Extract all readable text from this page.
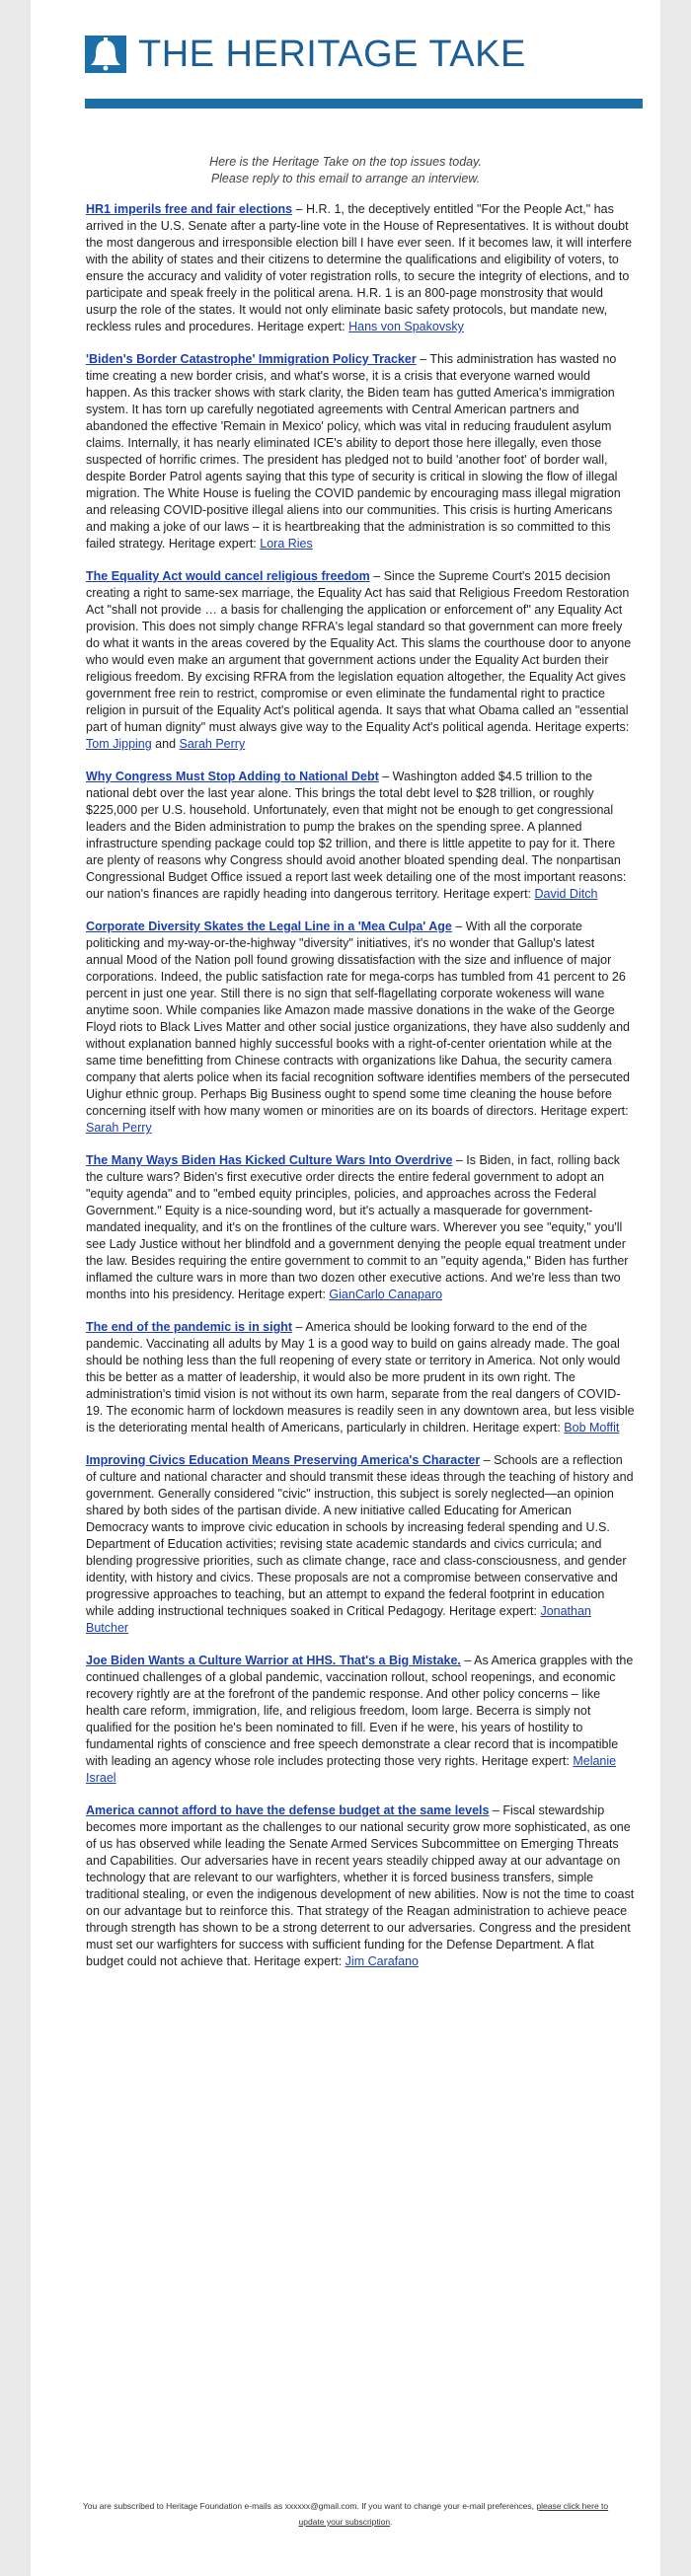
THE HERITAGE TAKE
Here is the Heritage Take on the top issues today.
Please reply to this email to arrange an interview.

HR1 imperils free and fair elections – H.R. 1, the deceptively entitled "For the People Act," has arrived in the U.S. Senate after a party-line vote in the House of Representatives. It is without doubt the most dangerous and irresponsible election bill I have ever seen. If it becomes law, it will interfere with the ability of states and their citizens to determine the qualifications and eligibility of voters, to ensure the accuracy and validity of voter registration rolls, to secure the integrity of elections, and to participate and speak freely in the political arena. H.R. 1 is an 800-page monstrosity that would usurp the role of the states. It would not only eliminate basic safety protocols, but mandate new, reckless rules and procedures. Heritage expert: Hans von Spakovsky

'Biden's Border Catastrophe' Immigration Policy Tracker – This administration has wasted no time creating a new border crisis, and what's worse, it is a crisis that everyone warned would happen. As this tracker shows with stark clarity, the Biden team has gutted America's immigration system. It has torn up carefully negotiated agreements with Central American partners and abandoned the effective 'Remain in Mexico' policy, which was vital in reducing fraudulent asylum claims. Internally, it has nearly eliminated ICE's ability to deport those here illegally, even those suspected of horrific crimes. The president has pledged not to build 'another foot' of border wall, despite Border Patrol agents saying that this type of security is critical in slowing the flow of illegal migration. The White House is fueling the COVID pandemic by encouraging mass illegal migration and releasing COVID-positive illegal aliens into our communities. This crisis is hurting Americans and making a joke of our laws – it is heartbreaking that the administration is so committed to this failed strategy. Heritage expert: Lora Ries

The Equality Act would cancel religious freedom – Since the Supreme Court's 2015 decision creating a right to same-sex marriage, the Equality Act has said that Religious Freedom Restoration Act "shall not provide … a basis for challenging the application or enforcement of" any Equality Act provision. This does not simply change RFRA's legal standard so that government can more freely do what it wants in the areas covered by the Equality Act. This slams the courthouse door to anyone who would even make an argument that government actions under the Equality Act burden their religious freedom. By excising RFRA from the legislation equation altogether, the Equality Act gives government free rein to restrict, compromise or even eliminate the fundamental right to practice religion in pursuit of the Equality Act's political agenda. It says that what Obama called an "essential part of human dignity" must always give way to the Equality Act's political agenda. Heritage experts: Tom Jipping and Sarah Perry

Why Congress Must Stop Adding to National Debt – Washington added $4.5 trillion to the national debt over the last year alone. This brings the total debt level to $28 trillion, or roughly $225,000 per U.S. household. Unfortunately, even that might not be enough to get congressional leaders and the Biden administration to pump the brakes on the spending spree. A planned infrastructure spending package could top $2 trillion, and there is little appetite to pay for it. There are plenty of reasons why Congress should avoid another bloated spending deal. The nonpartisan Congressional Budget Office issued a report last week detailing one of the most important reasons: our nation's finances are rapidly heading into dangerous territory. Heritage expert: David Ditch

Corporate Diversity Skates the Legal Line in a 'Mea Culpa' Age – With all the corporate politicking and my-way-or-the-highway "diversity" initiatives, it's no wonder that Gallup's latest annual Mood of the Nation poll found growing dissatisfaction with the size and influence of major corporations. Indeed, the public satisfaction rate for mega-corps has tumbled from 41 percent to 26 percent in just one year. Still there is no sign that self-flagellating corporate wokeness will wane anytime soon. While companies like Amazon made massive donations in the wake of the George Floyd riots to Black Lives Matter and other social justice organizations, they have also suddenly and without explanation banned highly successful books with a right-of-center orientation while at the same time benefitting from Chinese contracts with organizations like Dahua, the security camera company that alerts police when its facial recognition software identifies members of the persecuted Uighur ethnic group. Perhaps Big Business ought to spend some time cleaning the house before concerning itself with how many women or minorities are on its boards of directors. Heritage expert: Sarah Perry

The Many Ways Biden Has Kicked Culture Wars Into Overdrive – Is Biden, in fact, rolling back the culture wars? Biden's first executive order directs the entire federal government to adopt an "equity agenda" and to "embed equity principles, policies, and approaches across the Federal Government." Equity is a nice-sounding word, but it's actually a masquerade for government-mandated inequality, and it's on the frontlines of the culture wars. Wherever you see "equity," you'll see Lady Justice without her blindfold and a government denying the people equal treatment under the law. Besides requiring the entire government to commit to an "equity agenda," Biden has further inflamed the culture wars in more than two dozen other executive actions. And we're less than two months into his presidency. Heritage expert: GianCarlo Canaparo

The end of the pandemic is in sight – America should be looking forward to the end of the pandemic. Vaccinating all adults by May 1 is a good way to build on gains already made. The goal should be nothing less than the full reopening of every state or territory in America. Not only would this be better as a matter of leadership, it would also be more prudent in its own right. The administration's timid vision is not without its own harm, separate from the real dangers of COVID-19. The economic harm of lockdown measures is readily seen in any downtown area, but less visible is the deteriorating mental health of Americans, particularly in children. Heritage expert: Bob Moffit

Improving Civics Education Means Preserving America's Character – Schools are a reflection of culture and national character and should transmit these ideas through the teaching of history and government. Generally considered "civic" instruction, this subject is sorely neglected—an opinion shared by both sides of the partisan divide. A new initiative called Educating for American Democracy wants to improve civic education in schools by increasing federal spending and U.S. Department of Education activities; revising state academic standards and civics curricula; and blending progressive priorities, such as climate change, race and class-consciousness, and gender identity, with history and civics. These proposals are not a compromise between conservative and progressive approaches to teaching, but an attempt to expand the federal footprint in education while adding instructional techniques soaked in Critical Pedagogy. Heritage expert: Jonathan Butcher

Joe Biden Wants a Culture Warrior at HHS. That's a Big Mistake. – As America grapples with the continued challenges of a global pandemic, vaccination rollout, school reopenings, and economic recovery rightly are at the forefront of the pandemic response. And other policy concerns – like health care reform, immigration, life, and religious freedom, loom large. Becerra is simply not qualified for the position he's been nominated to fill. Even if he were, his years of hostility to fundamental rights of conscience and free speech demonstrate a clear record that is incompatible with leading an agency whose role includes protecting those very rights. Heritage expert: Melanie Israel

America cannot afford to have the defense budget at the same levels – Fiscal stewardship becomes more important as the challenges to our national security grow more sophisticated, as one of us has observed while leading the Senate Armed Services Subcommittee on Emerging Threats and Capabilities. Our adversaries have in recent years steadily chipped away at our advantage on technology that are relevant to our warfighters, whether it is forced business transfers, simple traditional stealing, or even the indigenous development of new abilities. Now is not the time to coast on our advantage but to reinforce this. That strategy of the Reagan administration to achieve peace through strength has shown to be a strong deterrent to our adversaries. Congress and the president must set our warfighters for success with sufficient funding for the Defense Department. A flat budget could not achieve that. Heritage expert: Jim Carafano

You are subscribed to Heritage Foundation e-mails as xxxxxx@gmail.com. If you want to change your e-mail preferences, please click here to update your subscription.
